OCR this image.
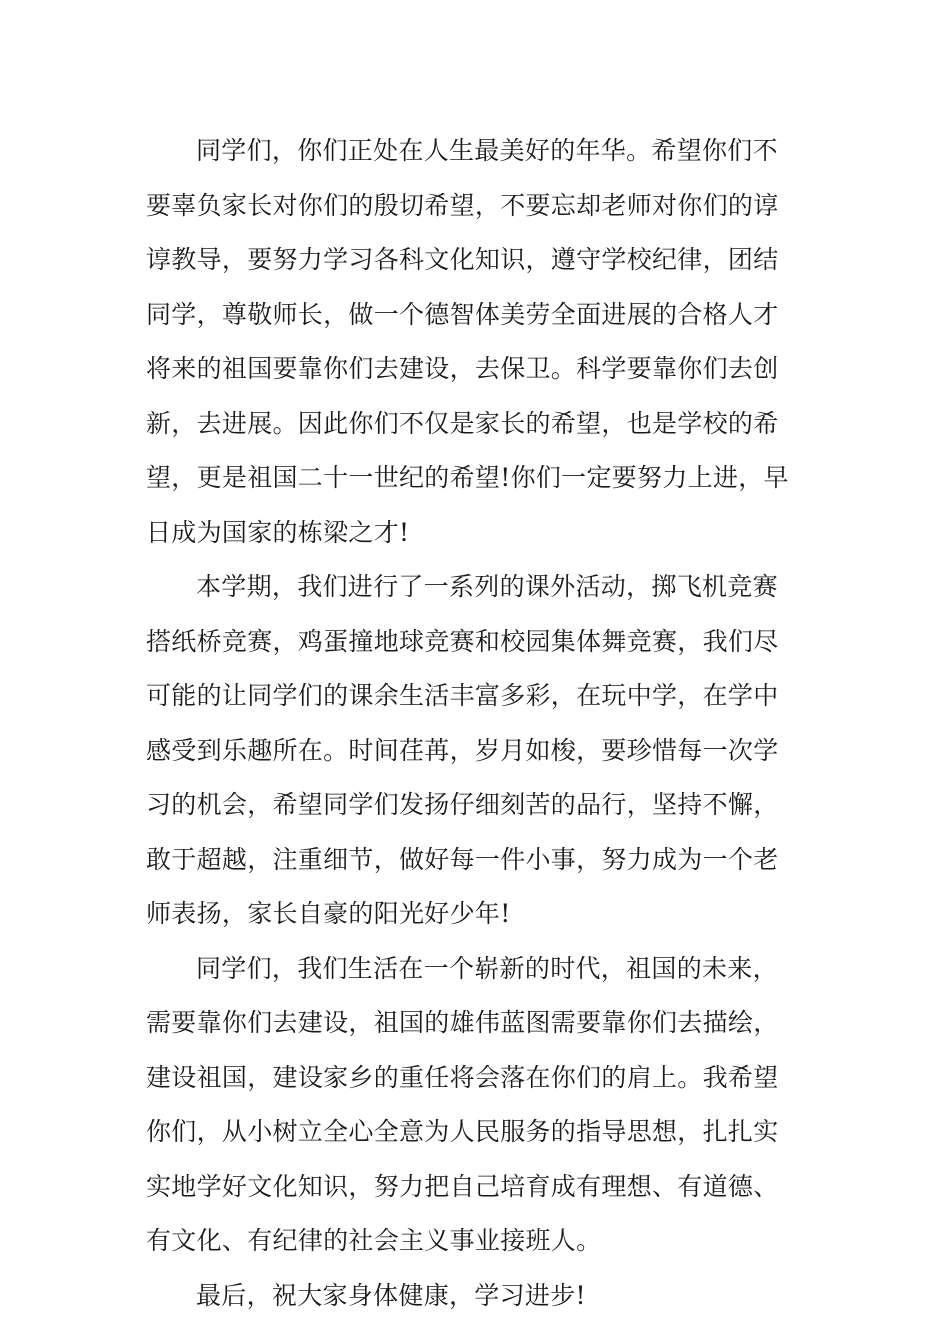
同学们，你们正处在人生最美好的年华。希望你们不
要辜负家长对你们的殷切希望，不要忘却老师对你们的谆
谆教导，要努力学习各科文化知识，遵守学校纪律，团结
同学，尊敬师长，做一个德智体美劳全面进展的合格人才
将来的祖国要靠你们去建设，去保卫。科学要靠你们去创
新，去进展。因此你们不仅是家长的希望，也是学校的希
望，更是祖国二十一世纪的希望!你们一定要努力上进，早
日成为国家的栋梁之才!
本学期，我们进行了一系列的课外活动，掷飞机竞赛
搭纸桥竞赛，鸡蛋撞地球竞赛和校园集体舞竞赛，我们尽
可能的让同学们的课余生活丰富多彩，在玩中学，在学中
感受到乐趣所在。时间荏苒，岁月如梭，要珍惜每一次学
习的机会，希望同学们发扬仔细刻苦的品行，坚持不懈，
敢于超越，注重细节，做好每一件小事，努力成为一个老
师表扬，家长自豪的阳光好少年!
同学们，我们生活在一个崭新的时代，祖国的未来，
需要靠你们去建设，祖国的雄伟蓝图需要靠你们去描绘，
建设祖国，建设家乡的重任将会落在你们的肩上。我希望
你们，从小树立全心全意为人民服务的指导思想，扎扎实
实地学好文化知识，努力把自己培育成有理想、有道德、
有文化、有纪律的社会主义事业接班人。
最后，祝大家身体健康，学习进步!
